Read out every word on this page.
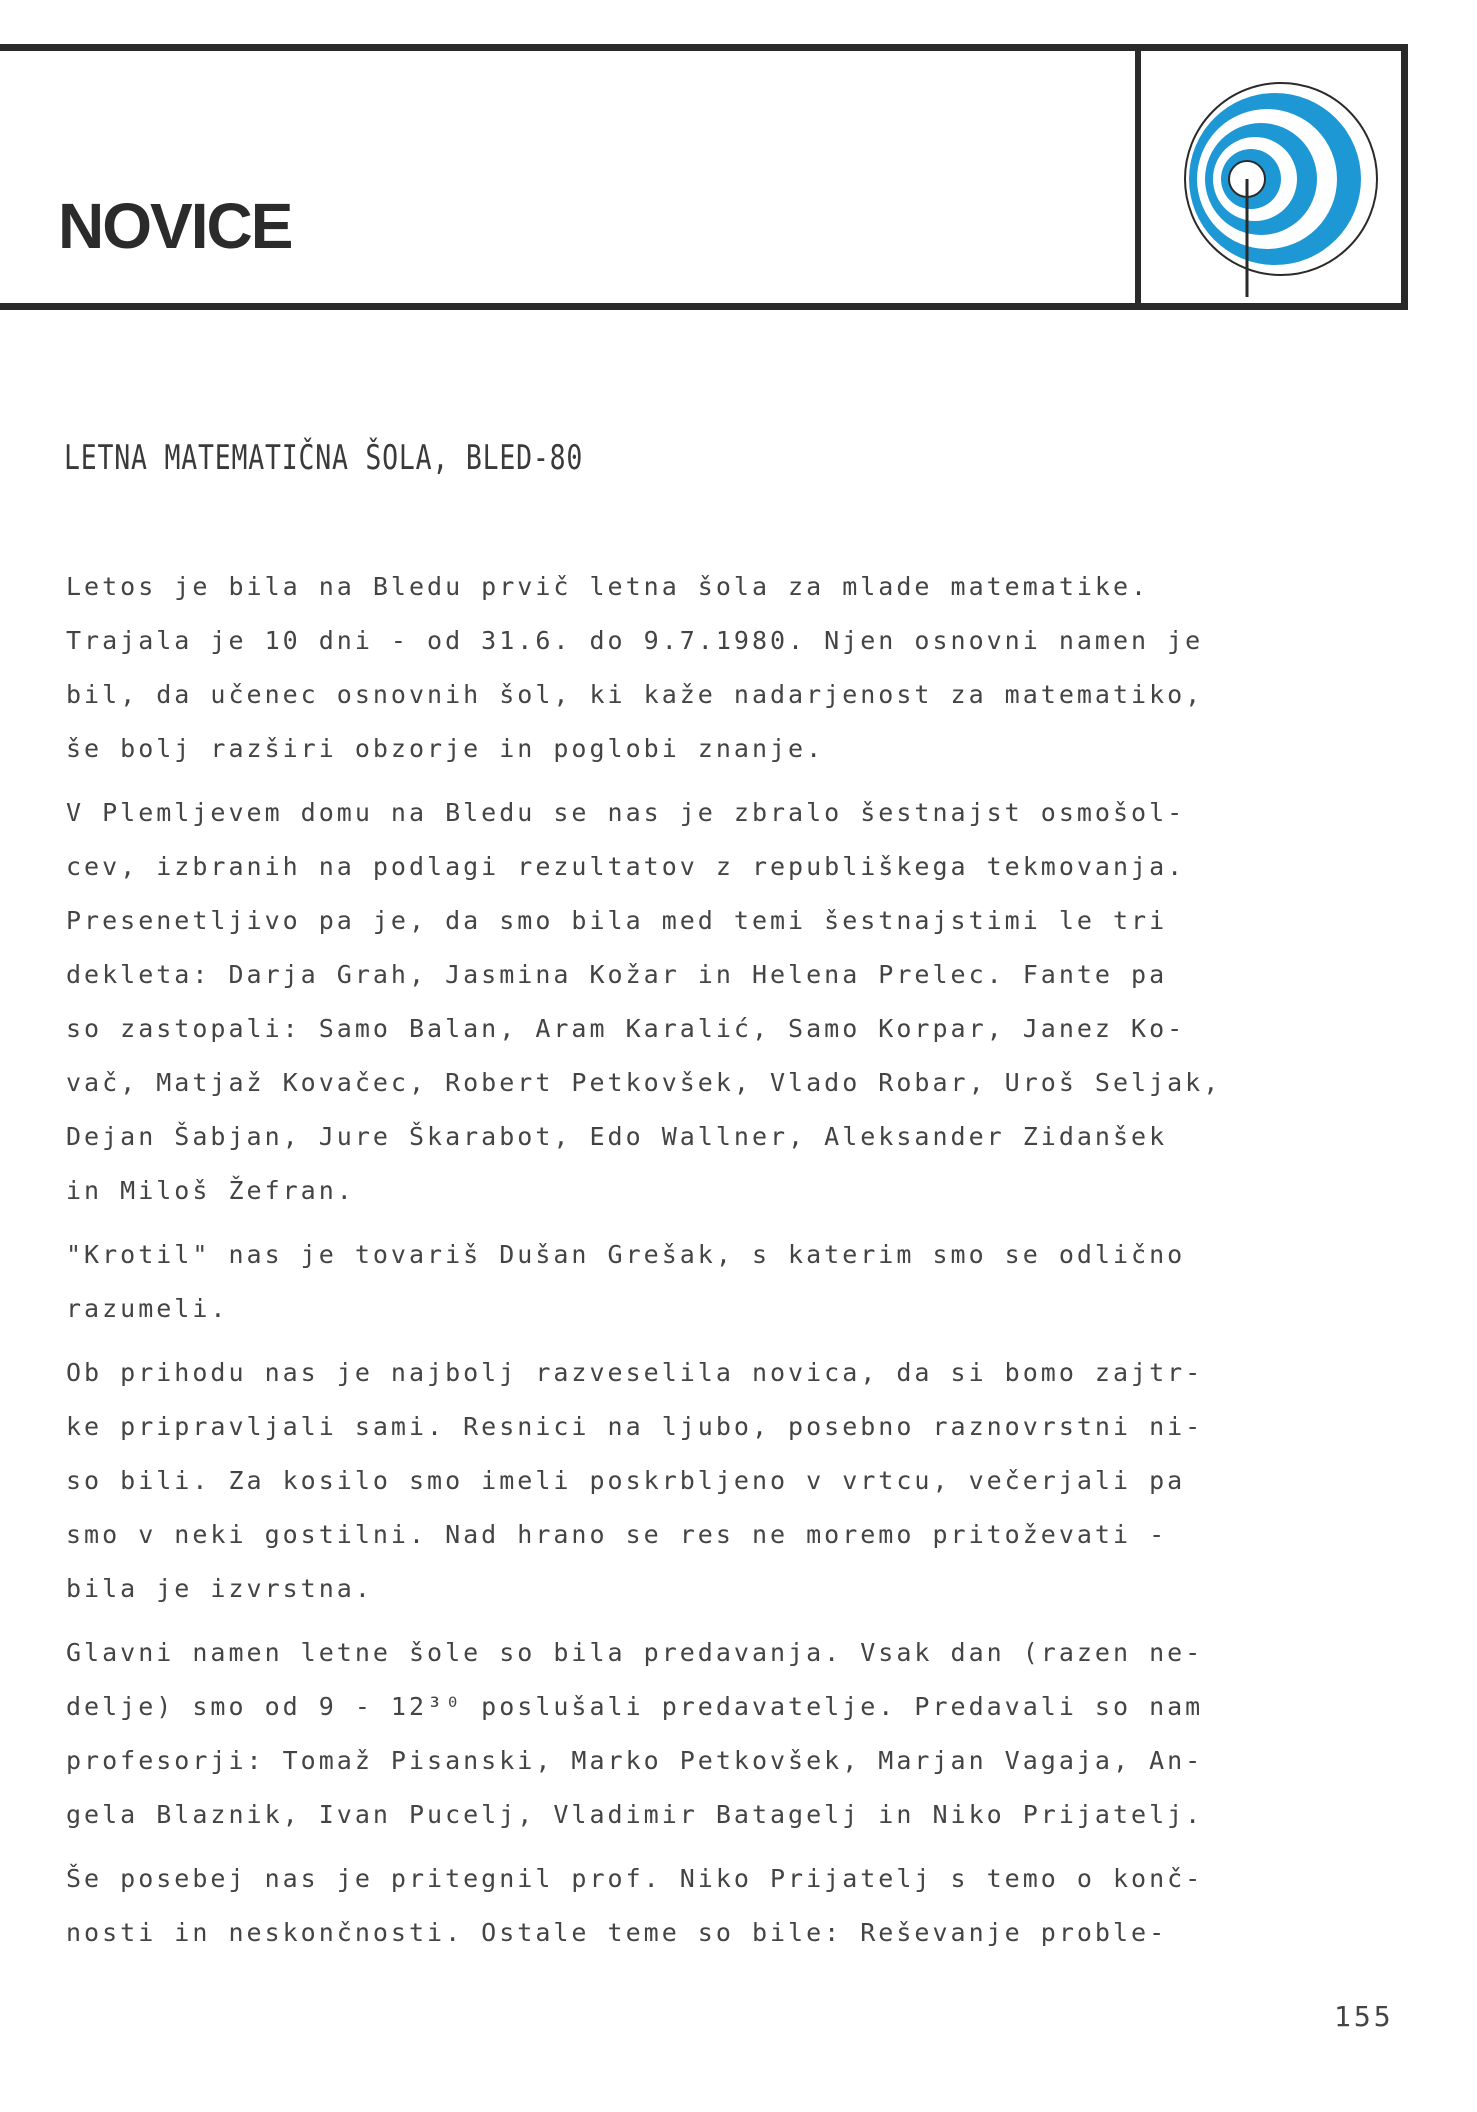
NOVICE
LETNA MATEMATIČNA ŠOLA, BLED-80

Letos je bila na Bledu prvič letna šola za mlade matematike.
Trajala je 10 dni - od 31.6. do 9.7.1980. Njen osnovni namen je
bil, da učenec osnovnih šol, ki kaže nadarjenost za matematiko,
še bolj razširi obzorje in poglobi znanje.

V Plemljevem domu na Bledu se nas je zbralo šestnajst osmošol-
cev, izbranih na podlagi rezultatov z republiškega tekmovanja.
Presenetljivo pa je, da smo bila med temi šestnajstimi le tri
dekleta: Darja Grah, Jasmina Kožar in Helena Prelec. Fante pa
so zastopali: Samo Balan, Aram Karalić, Samo Korpar, Janez Ko-
vač, Matjaž Kovačec, Robert Petkovšek, Vlado Robar, Uroš Seljak,
Dejan Šabjan, Jure Škarabot, Edo Wallner, Aleksander Zidanšek
in Miloš Žefran.

"Krotil" nas je tovariš Dušan Grešak, s katerim smo se odlično
razumeli.

Ob prihodu nas je najbolj razveselila novica, da si bomo zajtr-
ke pripravljali sami. Resnici na ljubo, posebno raznovrstni ni-
so bili. Za kosilo smo imeli poskrbljeno v vrtcu, večerjali pa
smo v neki gostilni. Nad hrano se res ne moremo pritoževati -
bila je izvrstna.

Glavni namen letne šole so bila predavanja. Vsak dan (razen ne-
delje) smo od 9 - 12³⁰ poslušali predavatelje. Predavali so nam
profesorji: Tomaž Pisanski, Marko Petkovšek, Marjan Vagaja, An-
gela Blaznik, Ivan Pucelj, Vladimir Batagelj in Niko Prijatelj.

Še posebej nas je pritegnil prof. Niko Prijatelj s temo o konč-
nosti in neskončnosti. Ostale teme so bile: Reševanje proble-

155
